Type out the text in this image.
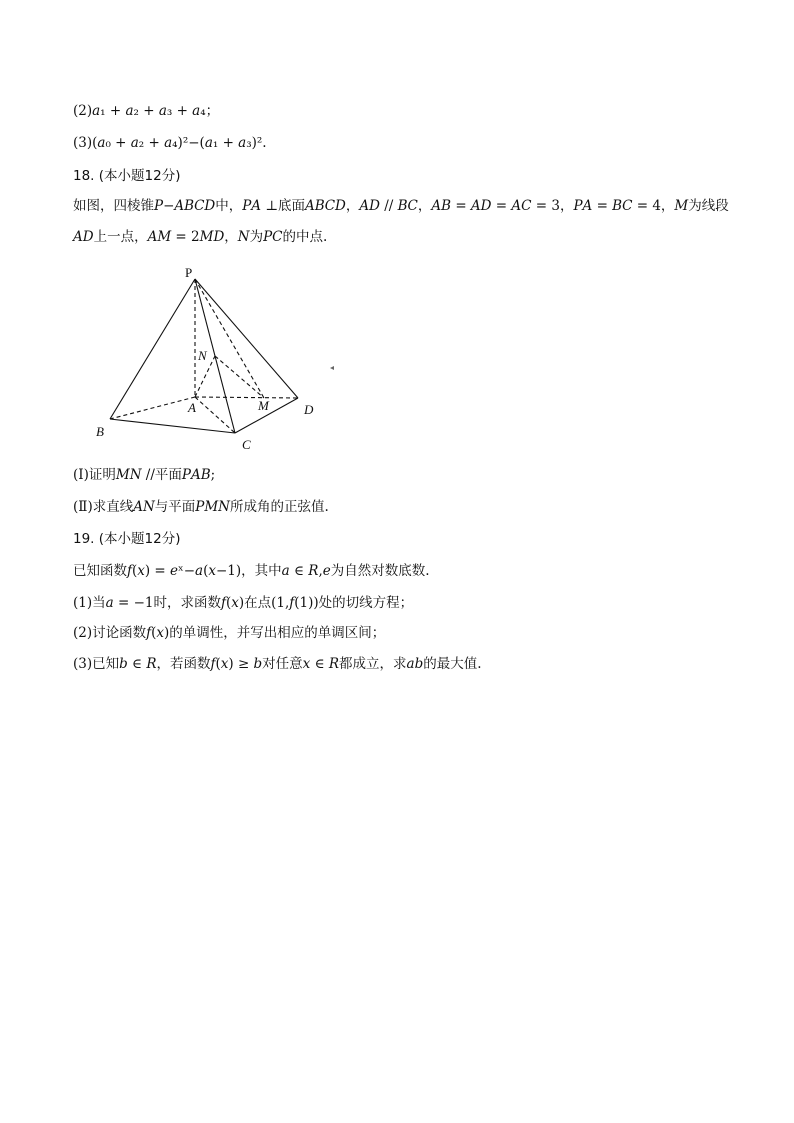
(2)𝑎₁ + 𝑎₂ + 𝑎₃ + 𝑎₄；
(3)(𝑎₀ + 𝑎₂ + 𝑎₄)²−(𝑎₁ + 𝑎₃)².
18. (本小题12分)
如图，四棱锥𝑃−𝐴𝐵𝐶𝐷中，𝑃𝐴 ⊥底面𝐴𝐵𝐶𝐷，𝐴𝐷 // 𝐵𝐶，𝐴𝐵 = 𝐴𝐷 = 𝐴𝐶 = 3，𝑃𝐴 = 𝐵𝐶 = 4，𝑀为线段
𝐴𝐷上一点，𝐴𝑀 = 2𝑀𝐷，𝑁为𝑃𝐶的中点.
P
N
A	M	D
B
C
(Ⅰ)证明𝑀𝑁 //平面𝑃𝐴𝐵;
(Ⅱ)求直线𝐴𝑁与平面𝑃𝑀𝑁所成角的正弦值.
19. (本小题12分)
已知函数𝑓(𝑥) = 𝑒ˣ−𝑎(𝑥−1)，其中𝑎 ∈ 𝑅,𝑒为自然对数底数.
(1)当𝑎 = −1时，求函数𝑓(𝑥)在点(1,𝑓(1))处的切线方程；
(2)讨论函数𝑓(𝑥)的单调性，并写出相应的单调区间；
(3)已知𝑏 ∈ 𝑅，若函数𝑓(𝑥) ≥ 𝑏对任意𝑥 ∈ 𝑅都成立，求𝑎𝑏的最大值.
